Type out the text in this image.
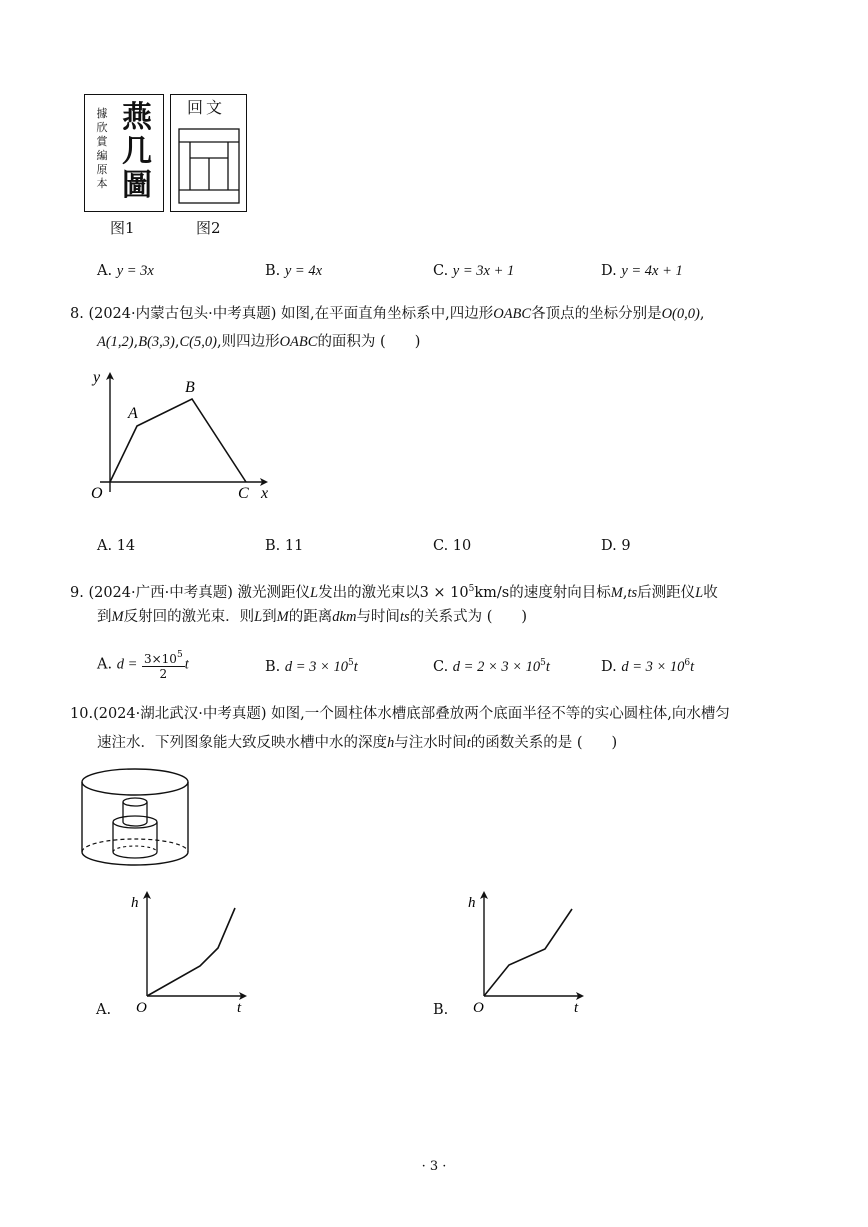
據
欣
賞
編
原
本
燕
几
圖
图1
回文
图2
A. y = 3x	B. y = 4x	C. y = 3x + 1	D. y = 4x + 1
8. (2024·内蒙古包头·中考真题) 如图,在平面直角坐标系中,四边形OABC各顶点的坐标分别是O(0,0),
A(1,2),B(3,3),C(5,0),则四边形OABC的面积为 (　　)
y
x
O
A
B
C
A. 14	B. 11	C. 10	D. 9
9. (2024·广西·中考真题) 激光测距仪L发出的激光束以$3 \times 10^5km/s$的速度射向目标M,ts后测距仪L收
到M反射回的激光束．则L到M的距离dkm与时间ts的关系式为 (　　)
A. $d = \frac{3\times 10^5}{2}$ t	B. $d = 3 \times 10^5t$	C. $d = 2 \times 3 \times 10^5t$	D. $d = 3 \times 10^6t$
10.(2024·湖北武汉·中考真题) 如图,一个圆柱体水槽底部叠放两个底面半径不等的实心圆柱体,向水槽匀
速注水．下列图象能大致反映水槽中水的深度h与注水时间t的函数关系的是 (　　)
A.
h
t
O	B.
h
t
O
· 3 ·
